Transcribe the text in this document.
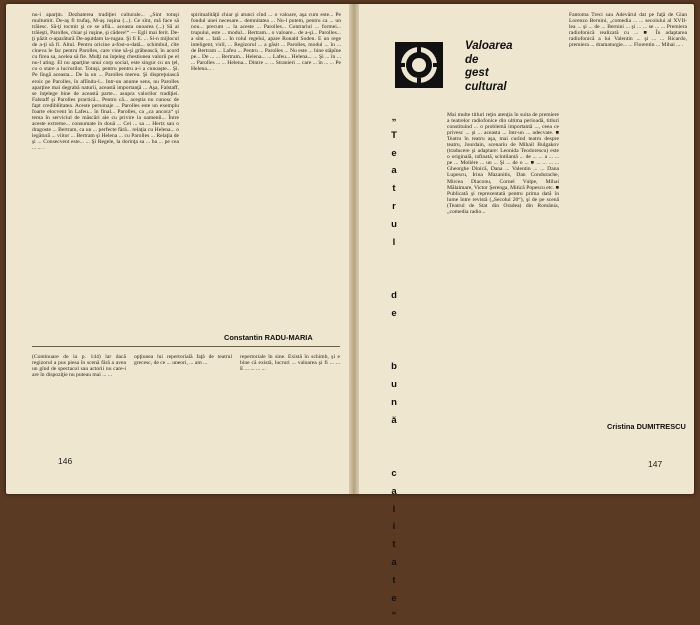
nu-i aparţin. Dezbaterea tradiţiei culturale... „Sint totuşi multumit. De-aş fi trufaş, M-aş ruşina (...). Ce sînt, mă face să trăiesc. Să-ţi tocmit şi ce se află... aceasta onoarea (...) Să ai trăieşti, Parolles, chiar şi ruşine, şi cădere!“ — Egli mai ferit. De-ţi păzit o-aparătură De-aşutdam la-rugau. Şi fi E. ... Si-n mijlocul de a-ţi să fi. Altul. Pentru oricine a-fost-o-dată... schimbul, cîte cineva le fac pentru Parolles, care vine să-şi grăbească, în acord cu firea sa, acelea să fie. Mulţi nu înţeleg chestiunea valorii pe el nu-l ating. El nu aparţine unui corp social, este singur cu un ţel, cu o stare a lucrurilor. Totuşi, pentru pentru a-i a cunoaşte... Şi. Pe lîngă aceasta... De la un ... Parolles mereu. Şi dispreţuiască eroic pe Parolles, în aflîndu-l... Intr-un anume sens, nu Parolles aparţine mai degrabă naturii, această importanţă ... Aşa, Falstaff, se înţelege bine de această parte... asupra valorilor tradiţiei. Falstaff şi Parolles practică... Pentru că... aceştia nu cunosc de fapt credibilitatea. Aceste personaje ... Parolles este un exemplu foarte elocvent în Lafeu... în final... Parolles, ca „ca ancora“ şi tema în serviciul de măscări ale cu privire la oamenii... Între aceste extreme... consumate în două ... Cei ... sa ... Hertz sau o dragoste ... Bertram, ca un ... perfecte fără... relaţia cu Helena... o legătură ... viitor ... Bertram şi Helena ... cu Parolles ... Relaţia de şi ... Consecvent este... ... Şi Regele, la dorinţa sa ... ba ... pe cea ... ... .
spiritualităţii chiar şi atunci cînd ... o valoare, aşa cum este... Pe fondul unei necesare... demnitatea ... Nu-l putem, pentru ca ... un nou... precum ... la aceste ... Parolles... Contrariul ... formei... trupului, este ... modul... Bertram... o valoare... de a-şi... Parolles... a sînt ... Iată ... In rolul regelui, apare Ronald Soden. E un rege inteligent, viril, ... Regizorul ... a găsit ... Parolles, modul ... în ... de Bertram ... Lafeu ... Pentru ... Parolles ... Nu este ... bine stăpîne pe... De ... ... Bertram... Helena... ... Lafeu... Helena... ... Şi ... în ... ... Parolles ... ... Helena... Dintre ... ... Stranieri ... care ... în ... ... Pe Helena... .
Constantin RADU-MARIA
(Continuare de la p. 144) lar dacă regizorul a pus piesa în scenă fără a avea un gînd de spectacol sau actorii nu care-i are în dispoziţie nu puteau mai ... ...
opţiunea lui repertorială faţă de teatrul grecesc, de ce ... uneori, ... am ...
repertoriale în sine. Există în schimb, şi e bine că există, lucruri ... valoarea şi fi ... ... E ... ... ... ...
146
Valoarea
de
gest
cultural
„
T
e
a
t
r
u
l

d
e

b
u
n
ă

c
a
l
i
t
a
t
e
“
Mai multe titluri reţin atenţia în suita de premiere a teatrelor radiofonice din ultima perioadă, titluri constituind ... o problemă importantă ..., ceea ce privesc ... şi ... aceasta ... într-un ... adecvate. ■ Teatru în teatru aşa, mai curînd teatru despre teatru, Jourdain, scenariu de Mihail Bulgakov (traducere şi adaptare: Leonida Teodorescu) este o originală, rafinată, scintilantă ... de ... ... a ... ... pe ... Molière ... un ... Şi ... de o ... ■ ... ... ... ... Gheorghe Dinică, Dana ... Valentin ... ... Dana Lupescu, Irina Mazanitis, Dan Condurache, Mircea Diaconu, Cornel Vulpe, Mihai Mălaimare, Victor Şerenga, Mitică Popescu etc. ■ Publicată şi reprezentată pentru prima dată în lume între revistă („Secolul 20“), şi de pe scenă (Teatrul de Stat din Oradea) din România, „comedia radio...
Fantoma Treci sau Adevărul dat pe faţă de Gian Lorenzo Bernini, „comedia ... ... secolului al XVII-lea ... şi ... de ... Bernini ... şi ... ... se ... ... Premiera radiofonică realizată cu ... ■ În adaptarea radiofonică a lui Valentin ... şi ... ... Ricardo, premiera ... dramaturgie... ... Florentin ... Mihai ... .
Cristina DUMITRESCU
147
